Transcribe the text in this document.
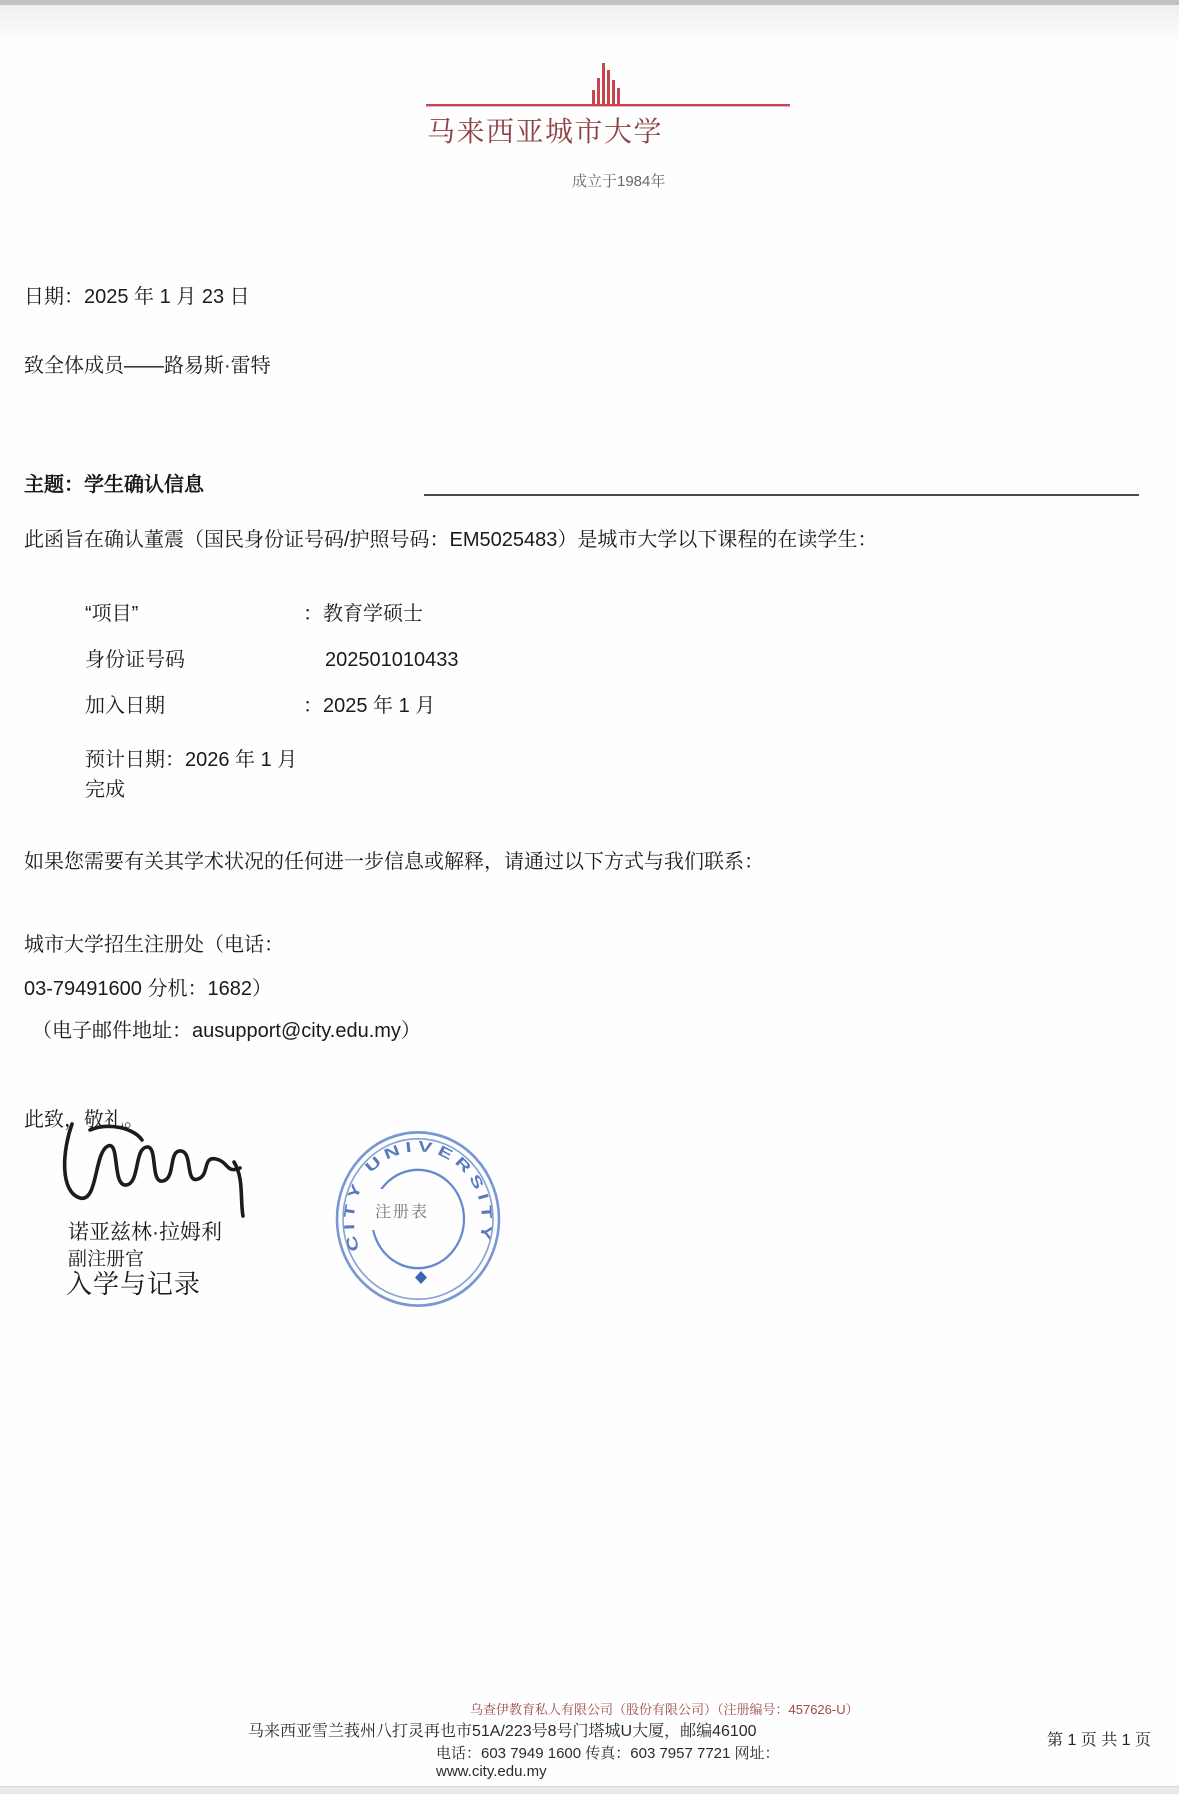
马来西亚城市大学
成立于1984年
日期：2025 年 1 月 23 日
致全体成员——路易斯·雷特
主题：学生确认信息
此函旨在确认董震（国民身份证号码/护照号码：EM5025483）是城市大学以下课程的在读学生：
“项目”	：教育学硕士
身份证号码	202501010433
加入日期	：2025 年 1 月
预计日期：2026 年 1 月
完成
如果您需要有关其学术状况的任何进一步信息或解释，请通过以下方式与我们联系：
城市大学招生注册处（电话：
03-79491600 分机：1682）
（电子邮件地址：ausupport@city.edu.my）
此致，敬礼。
诺亚兹林·拉姆利
副注册官
入学与记录
CITY UNIVERSITY
注册表
乌查伊教育私人有限公司（股份有限公司）（注册编号：457626-U）
马来西亚雪兰莪州八打灵再也市51A/223号8号门塔城U大厦，邮编46100
电话：603 7949 1600 传真：603 7957 7721 网址：
www.city.edu.my
第 1 页 共 1 页
